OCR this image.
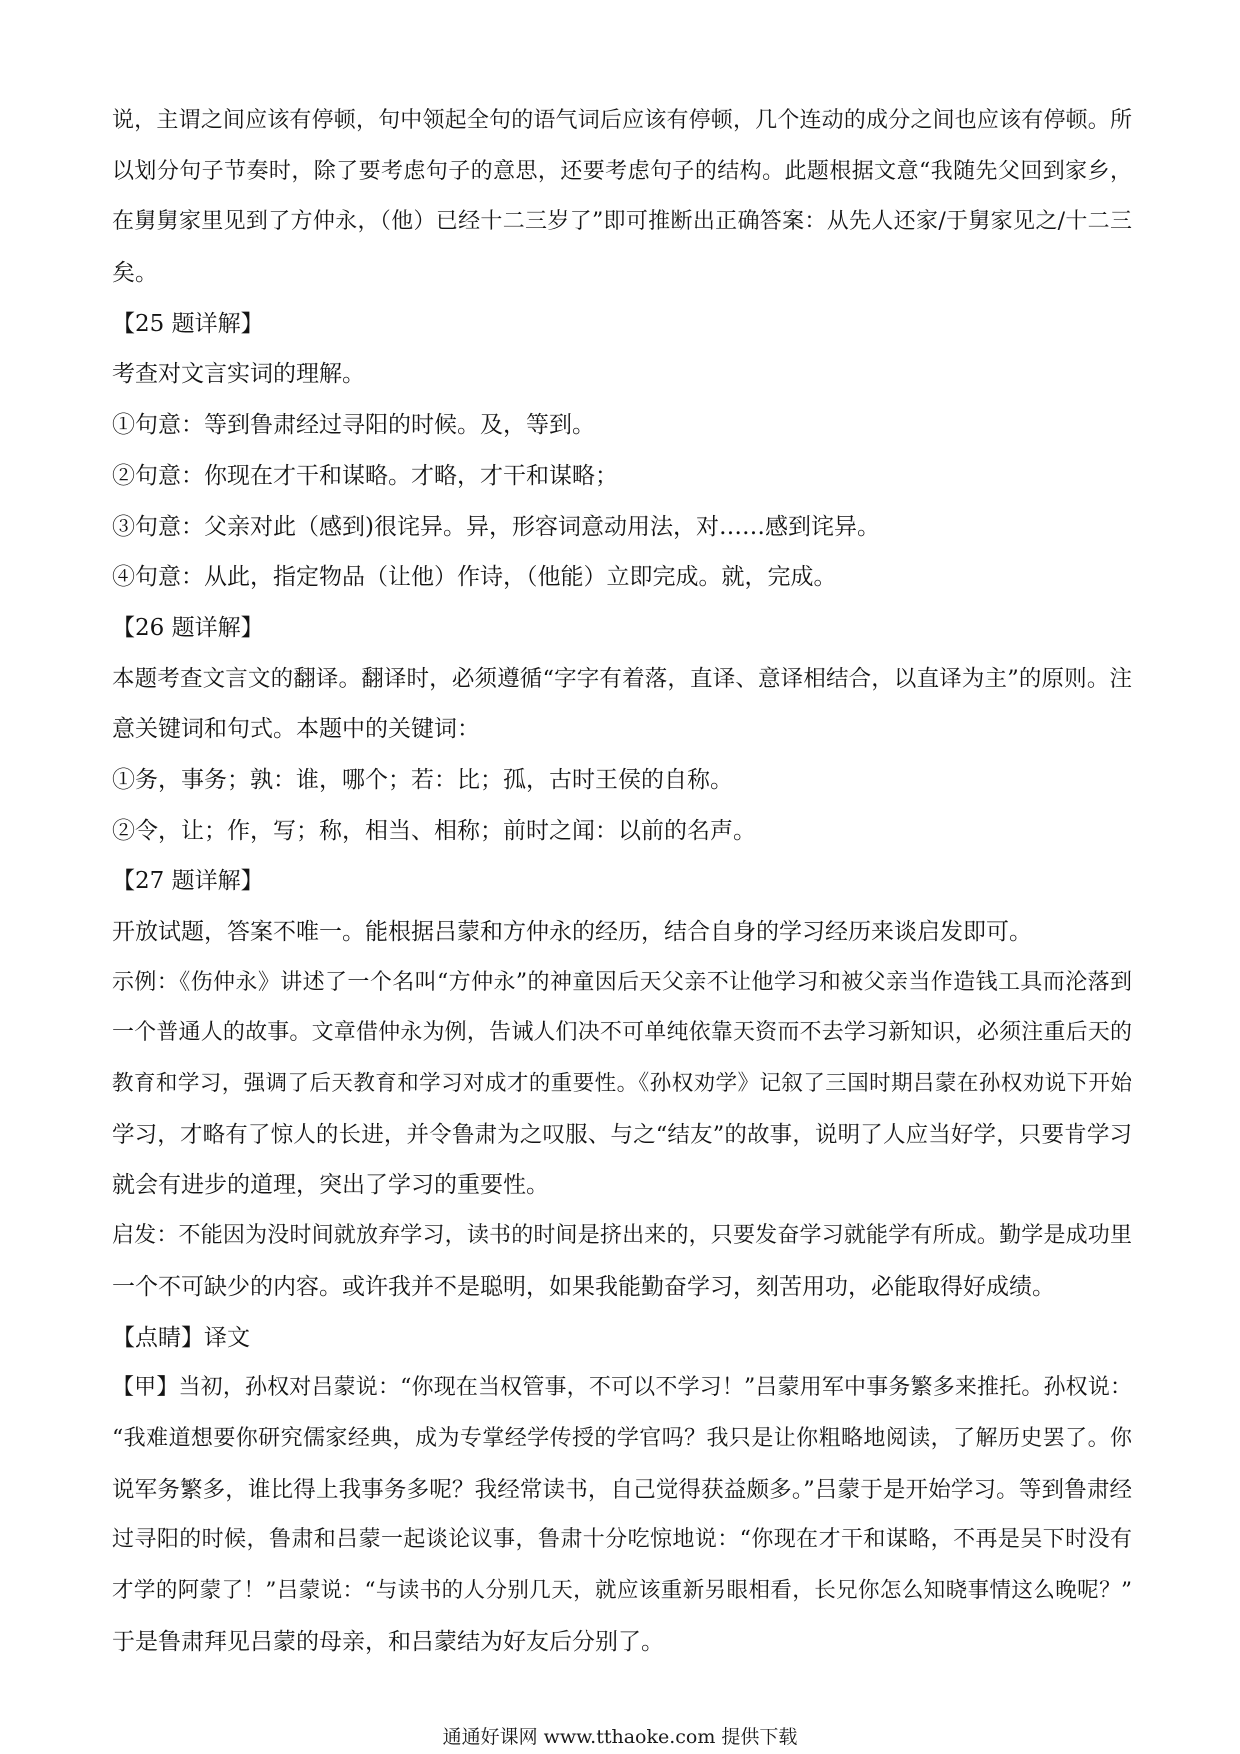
说，主谓之间应该有停顿，句中领起全句的语气词后应该有停顿，几个连动的成分之间也应该有停顿。所
以划分句子节奏时，除了要考虑句子的意思，还要考虑句子的结构。此题根据文意“我随先父回到家乡，
在舅舅家里见到了方仲永，（他）已经十二三岁了”即可推断出正确答案：从先人还家/于舅家见之/十二三
矣。
【25 题详解】
考查对文言实词的理解。
①句意：等到鲁肃经过寻阳的时候。及，等到。
②句意：你现在才干和谋略。才略，才干和谋略；
③句意：父亲对此（感到)很诧异。异，形容词意动用法，对……感到诧异。
④句意：从此，指定物品（让他）作诗，（他能）立即完成。就，完成。
【26 题详解】
本题考查文言文的翻译。翻译时，必须遵循“字字有着落，直译、意译相结合，以直译为主”的原则。注
意关键词和句式。本题中的关键词：
①务，事务；孰：谁，哪个；若：比；孤，古时王侯的自称。
②令，让；作，写；称，相当、相称；前时之闻：以前的名声。
【27 题详解】
开放试题，答案不唯一。能根据吕蒙和方仲永的经历，结合自身的学习经历来谈启发即可。
示例：《伤仲永》讲述了一个名叫“方仲永”的神童因后天父亲不让他学习和被父亲当作造钱工具而沦落到
一个普通人的故事。文章借仲永为例，告诫人们决不可单纯依靠天资而不去学习新知识，必须注重后天的
教育和学习，强调了后天教育和学习对成才的重要性。《孙权劝学》记叙了三国时期吕蒙在孙权劝说下开始
学习，才略有了惊人的长进，并令鲁肃为之叹服、与之“结友”的故事，说明了人应当好学，只要肯学习
就会有进步的道理，突出了学习的重要性。
启发：不能因为没时间就放弃学习，读书的时间是挤出来的，只要发奋学习就能学有所成。勤学是成功里
一个不可缺少的内容。或许我并不是聪明，如果我能勤奋学习，刻苦用功，必能取得好成绩。
【点睛】译文
【甲】当初，孙权对吕蒙说：“你现在当权管事，不可以不学习！”吕蒙用军中事务繁多来推托。孙权说：
“我难道想要你研究儒家经典，成为专掌经学传授的学官吗？我只是让你粗略地阅读，了解历史罢了。你
说军务繁多，谁比得上我事务多呢？我经常读书，自己觉得获益颇多。”吕蒙于是开始学习。等到鲁肃经
过寻阳的时候，鲁肃和吕蒙一起谈论议事，鲁肃十分吃惊地说：“你现在才干和谋略，不再是吴下时没有
才学的阿蒙了！”吕蒙说：“与读书的人分别几天，就应该重新另眼相看，长兄你怎么知晓事情这么晚呢？”
于是鲁肃拜见吕蒙的母亲，和吕蒙结为好友后分别了。
通通好课网 www.tthaoke.com 提供下载
